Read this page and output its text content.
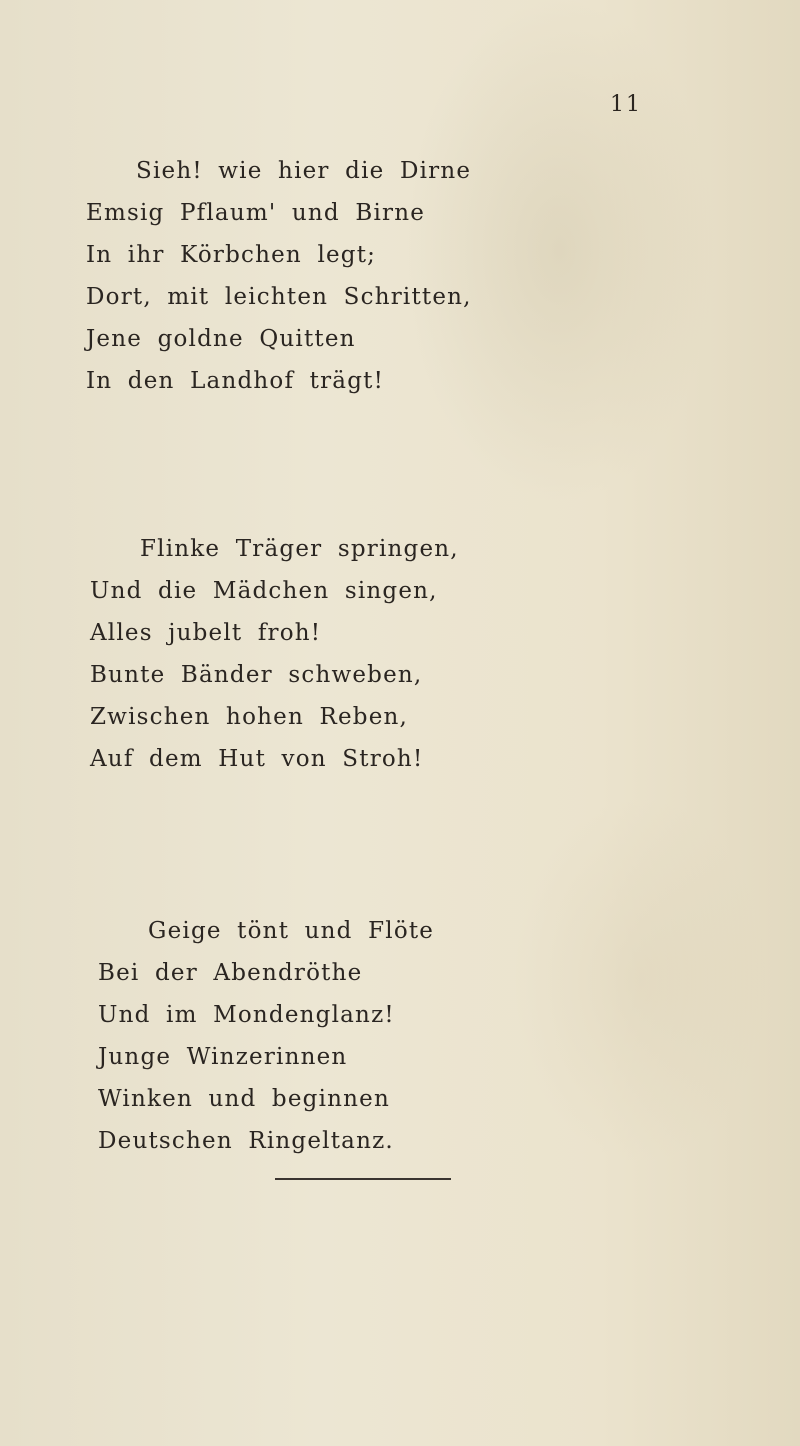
11
Sieh! wie hier die Dirne
Emsig Pflaum' und Birne
In ihr Körbchen legt;
Dort, mit leichten Schritten,
Jene goldne Quitten
In den Landhof trägt!
Flinke Träger springen,
Und die Mädchen singen,
Alles jubelt froh!
Bunte Bänder schweben,
Zwischen hohen Reben,
Auf dem Hut von Stroh!
Geige tönt und Flöte
Bei der Abendröthe
Und im Mondenglanz!
Junge Winzerinnen
Winken und beginnen
Deutschen Ringeltanz.
